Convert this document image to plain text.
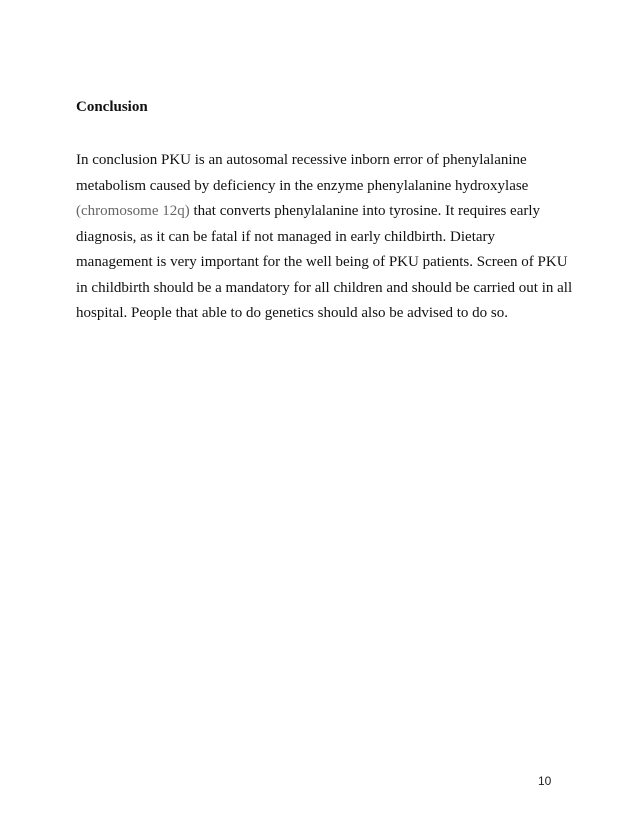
Conclusion

In conclusion PKU is an autosomal recessive inborn error of phenylalanine
metabolism caused by deficiency in the enzyme phenylalanine hydroxylase
(chromosome 12q) that converts phenylalanine into tyrosine. It requires early
diagnosis, as it can be fatal if not managed in early childbirth. Dietary
management is very important for the well being of PKU patients. Screen of PKU
in childbirth should be a mandatory for all children and should be carried out in all
hospital. People that able to do genetics should also be advised to do so.

10
